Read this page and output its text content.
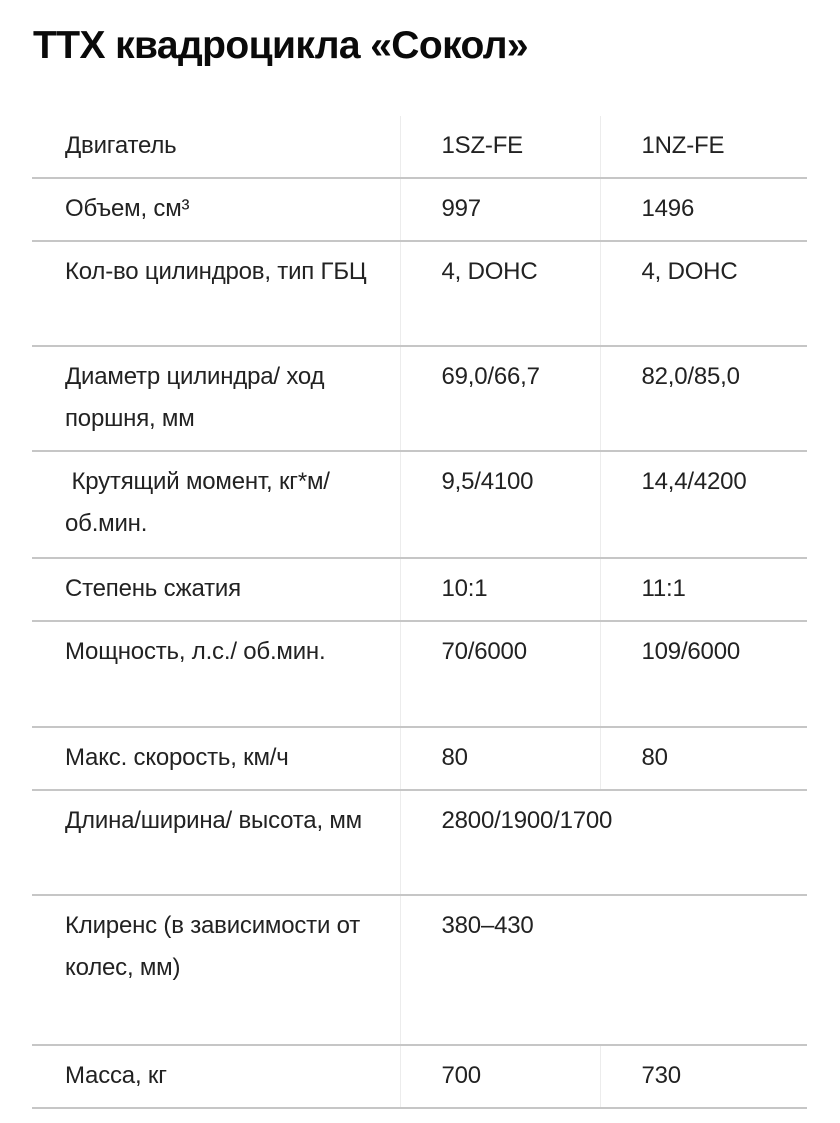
ТТХ квадроцикла «Сокол»
Двигатель	1SZ-FE	1NZ-FE
Объем, см³	997	1496
Кол-во цилиндров, тип ГБЦ	4, DOHC	4, DOHC
Диаметр цилиндра/ ход поршня, мм	69,0/66,7	82,0/85,0
Крутящий момент, кг*м/об.мин.	9,5/4100	14,4/4200
Степень сжатия	10:1	11:1
Мощность, л.с./ об.мин.	70/6000	109/6000
Макс. скорость, км/ч	80	80
Длина/ширина/ высота, мм	2800/1900/1700	
Клиренс (в зависимости от колес, мм)	380–430	
Масса, кг	700	730
